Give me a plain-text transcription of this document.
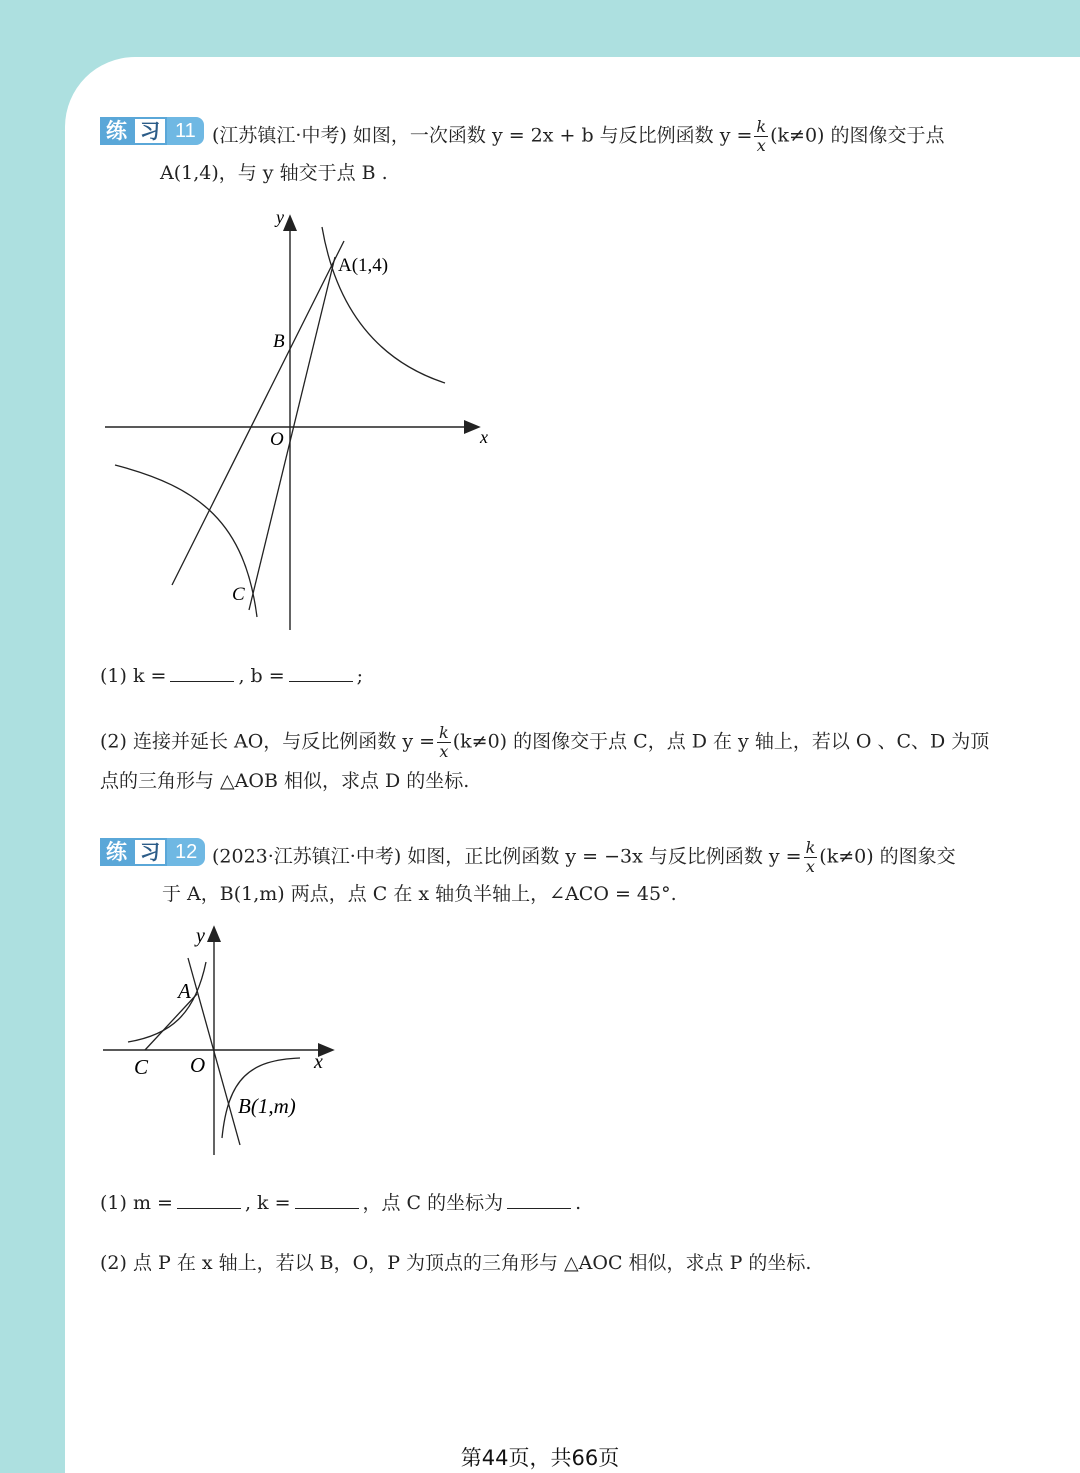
练 习 11 (江苏镇江·中考) 如图，一次函数 y = 2x + b 与反比例函数 $y = \frac{k}{x} (k\ne 0)$ 的图像交于点
A(1,4)，与 y 轴交于点 B .
y
x
O
A(1,4)
B
C
(1) k =	, b =	;
(2) 连接并延长 AO，与反比例函数 $y = \frac{k}{x} (k\ne 0)$ 的图像交于点 C，点 D 在 y 轴上，若以 O 、C、D 为顶
点的三角形与 △AOB 相似，求点 D 的坐标.
练 习 12 (2023·江苏镇江·中考) 如图，正比例函数 y = −3x 与反比例函数 $y = \frac{k}{x} (k\ne 0)$ 的图象交
于 A，B(1,m) 两点，点 C 在 x 轴负半轴上，∠ACO = 45°.
y
x
O
A
B(1,m)
C
(1) m =	, k =	，点 C 的坐标为	.
(2) 点 P 在 x 轴上，若以 B，O，P 为顶点的三角形与 △AOC 相似，求点 P 的坐标.
第44页，共66页
